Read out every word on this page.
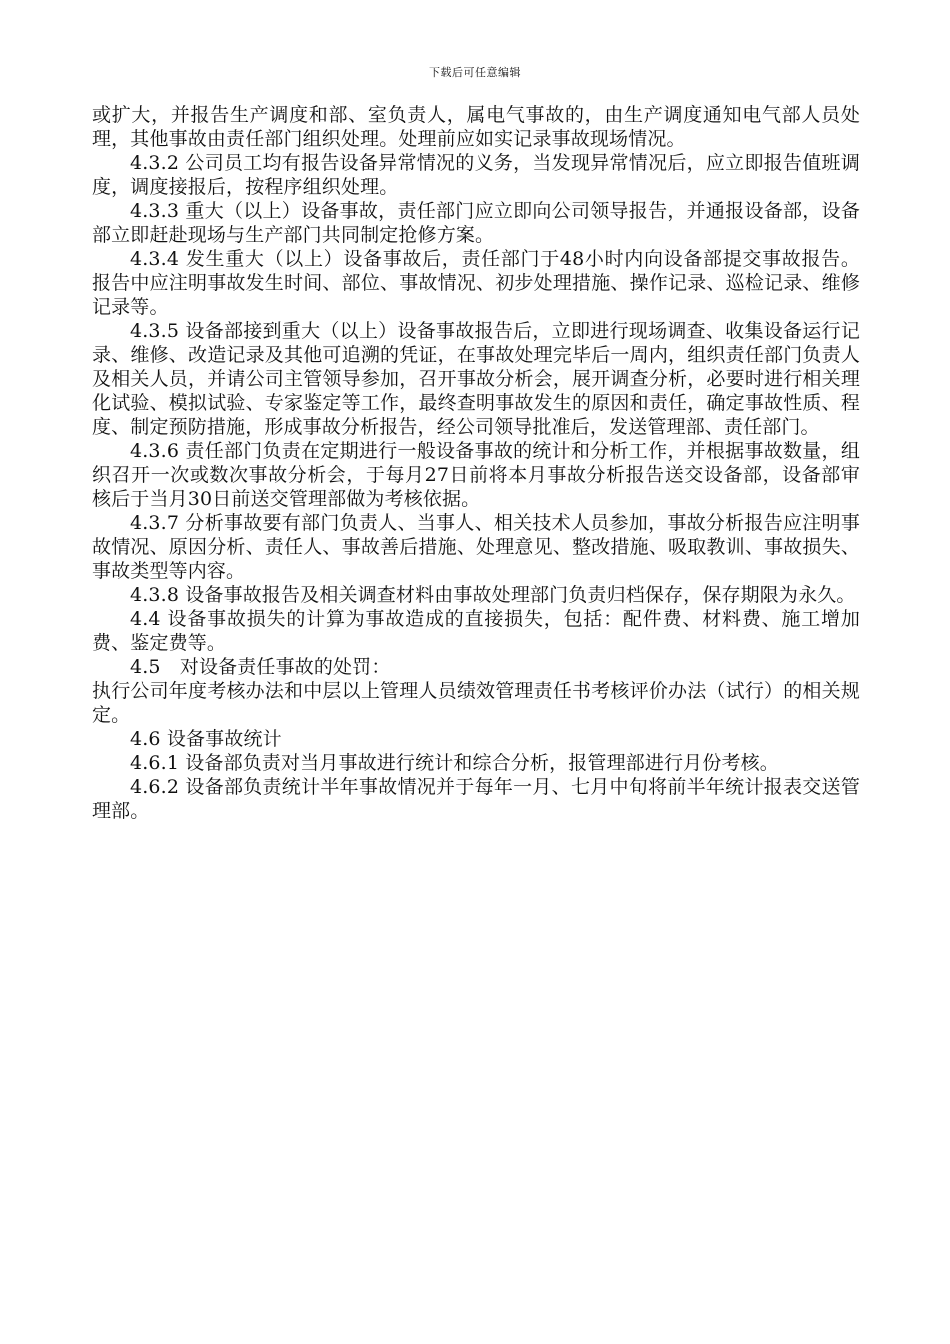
下载后可任意编辑

或扩大，并报告生产调度和部、室负责人，属电气事故的，由生产调度通知电气部人员处理，其他事故由责任部门组织处理。处理前应如实记录事故现场情况。

4.3.2 公司员工均有报告设备异常情况的义务，当发现异常情况后，应立即报告值班调度，调度接报后，按程序组织处理。

4.3.3 重大（以上）设备事故，责任部门应立即向公司领导报告，并通报设备部，设备部立即赶赴现场与生产部门共同制定抢修方案。

4.3.4 发生重大（以上）设备事故后，责任部门于48小时内向设备部提交事故报告。报告中应注明事故发生时间、部位、事故情况、初步处理措施、操作记录、巡检记录、维修记录等。

4.3.5 设备部接到重大（以上）设备事故报告后，立即进行现场调查、收集设备运行记录、维修、改造记录及其他可追溯的凭证，在事故处理完毕后一周内，组织责任部门负责人及相关人员，并请公司主管领导参加，召开事故分析会，展开调查分析，必要时进行相关理化试验、模拟试验、专家鉴定等工作，最终查明事故发生的原因和责任，确定事故性质、程度、制定预防措施，形成事故分析报告，经公司领导批准后，发送管理部、责任部门。

4.3.6 责任部门负责在定期进行一般设备事故的统计和分析工作，并根据事故数量，组织召开一次或数次事故分析会，于每月27日前将本月事故分析报告送交设备部，设备部审核后于当月30日前送交管理部做为考核依据。

4.3.7 分析事故要有部门负责人、当事人、相关技术人员参加，事故分析报告应注明事故情况、原因分析、责任人、事故善后措施、处理意见、整改措施、吸取教训、事故损失、事故类型等内容。

4.3.8 设备事故报告及相关调查材料由事故处理部门负责归档保存，保存期限为永久。

4.4 设备事故损失的计算为事故造成的直接损失，包括：配件费、材料费、施工增加费、鉴定费等。

4.5　对设备责任事故的处罚：

执行公司年度考核办法和中层以上管理人员绩效管理责任书考核评价办法（试行）的相关规定。

4.6 设备事故统计

4.6.1 设备部负责对当月事故进行统计和综合分析，报管理部进行月份考核。

4.6.2 设备部负责统计半年事故情况并于每年一月、七月中旬将前半年统计报表交送管理部。
